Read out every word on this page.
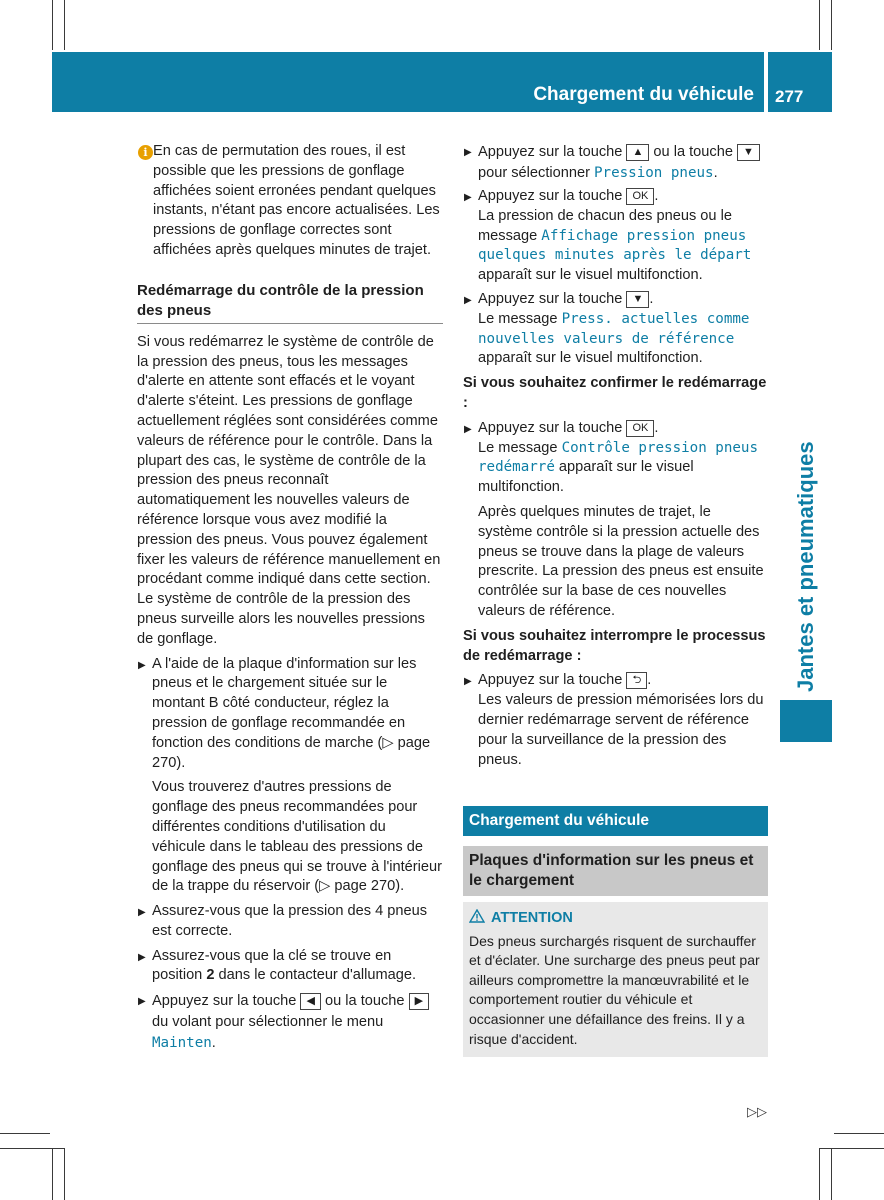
Chargement du véhicule 277
Jantes et pneumatiques
i En cas de permutation des roues, il est possible que les pressions de gonflage affichées soient erronées pendant quelques instants, n'étant pas encore actualisées. Les pressions de gonflage correctes sont affichées après quelques minutes de trajet.

Redémarrage du contrôle de la pression des pneus

Si vous redémarrez le système de contrôle de la pression des pneus, tous les messages d'alerte en attente sont effacés et le voyant d'alerte s'éteint. Les pressions de gonflage actuellement réglées sont considérées comme valeurs de référence pour le contrôle. Dans la plupart des cas, le système de contrôle de la pression des pneus reconnaît automatiquement les nouvelles valeurs de référence lorsque vous avez modifié la pression des pneus. Vous pouvez également fixer les valeurs de référence manuellement en procédant comme indiqué dans cette section. Le système de contrôle de la pression des pneus surveille alors les nouvelles pressions de gonflage.

▶ A l'aide de la plaque d'information sur les pneus et le chargement située sur le montant B côté conducteur, réglez la pression de gonflage recommandée en fonction des conditions de marche (▷ page 270).

Vous trouverez d'autres pressions de gonflage des pneus recommandées pour différentes conditions d'utilisation du véhicule dans le tableau des pressions de gonflage des pneus qui se trouve à l'intérieur de la trappe du réservoir (▷ page 270).

▶ Assurez-vous que la pression des 4 pneus est correcte.

▶ Assurez-vous que la clé se trouve en position 2 dans le contacteur d'allumage.

▶ Appuyez sur la touche ◀ ou la touche ▶ du volant pour sélectionner le menu Mainten.

▶ Appuyez sur la touche ▲ ou la touche ▼ pour sélectionner Pression pneus.

▶ Appuyez sur la touche OK .

La pression de chacun des pneus ou le message Affichage pression pneus quelques minutes après le départ apparaît sur le visuel multifonction.

▶ Appuyez sur la touche ▼ .

Le message Press. actuelles comme nouvelles valeurs de référence apparaît sur le visuel multifonction.

Si vous souhaitez confirmer le redémarrage :

▶ Appuyez sur la touche OK .

Le message Contrôle pression pneus redémarré apparaît sur le visuel multifonction.

Après quelques minutes de trajet, le système contrôle si la pression actuelle des pneus se trouve dans la plage de valeurs prescrite. La pression des pneus est ensuite contrôlée sur la base de ces nouvelles valeurs de référence.

Si vous souhaitez interrompre le processus de redémarrage :

▶ Appuyez sur la touche ⮌ .

Les valeurs de pression mémorisées lors du dernier redémarrage servent de référence pour la surveillance de la pression des pneus.

Chargement du véhicule
Plaques d'information sur les pneus et le chargement
ATTENTION

Des pneus surchargés risquent de surchauffer et d'éclater. Une surcharge des pneus peut par ailleurs compromettre la manœuvrabilité et le comportement routier du véhicule et occasionner une défaillance des freins. Il y a risque d'accident.

▷▷
